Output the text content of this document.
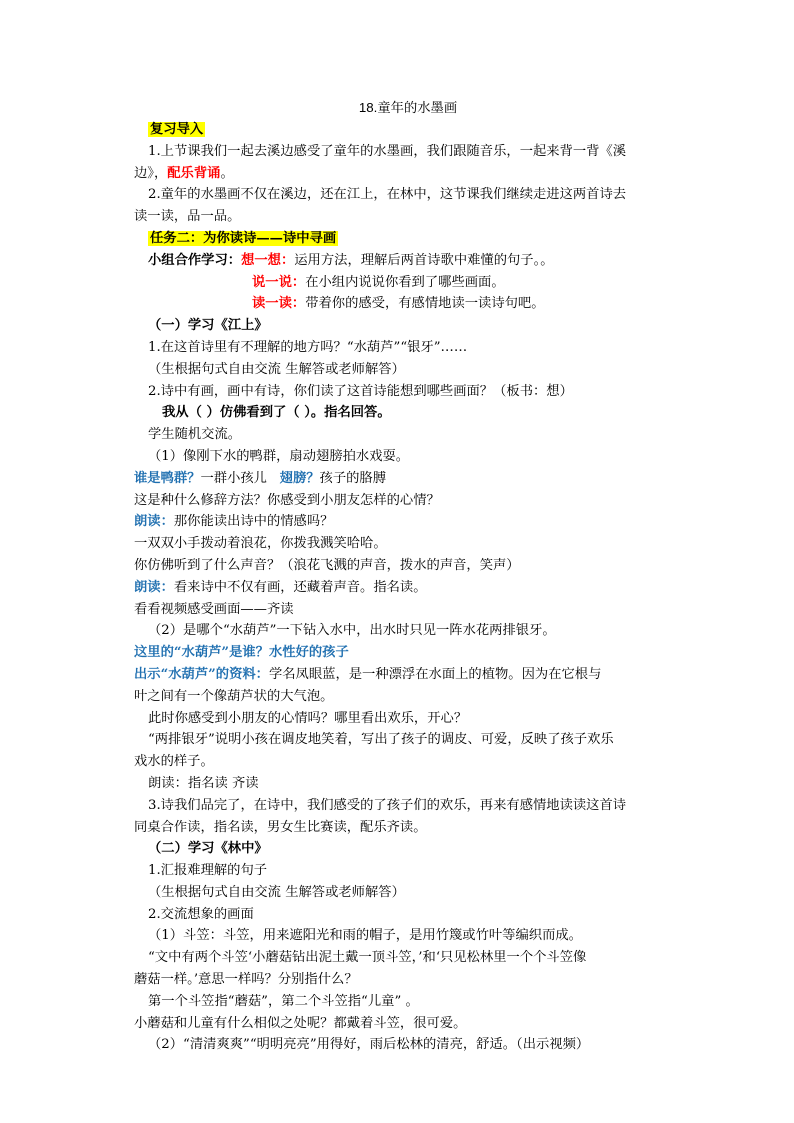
18.童年的水墨画
复习导入
1.上节课我们一起去溪边感受了童年的水墨画，我们跟随音乐，一起来背一背《溪
边》，配乐背诵。
2.童年的水墨画不仅在溪边，还在江上，在林中，这节课我们继续走进这两首诗去
读一读，品一品。
任务二：为你读诗——诗中寻画
小组合作学习：想一想：运用方法，理解后两首诗歌中难懂的句子。。
说一说：在小组内说说你看到了哪些画面。
读一读：带着你的感受，有感情地读一读诗句吧。
（一）学习《江上》
1.在这首诗里有不理解的地方吗？“水葫芦”“银牙”……
（生根据句式自由交流 生解答或老师解答）
2.诗中有画，画中有诗，你们读了这首诗能想到哪些画面？（板书：想）
我从（ ）仿佛看到了（ ）。指名回答。
学生随机交流。
（1）像刚下水的鸭群，扇动翅膀拍水戏耍。
谁是鸭群？一群小孩儿 翅膀？孩子的胳膊
这是种什么修辞方法？你感受到小朋友怎样的心情？
朗读：那你能读出诗中的情感吗？
一双双小手拨动着浪花，你拨我溅笑哈哈。
你仿佛听到了什么声音？（浪花飞溅的声音，拨水的声音，笑声）
朗读：看来诗中不仅有画，还藏着声音。指名读。
看看视频感受画面——齐读
（2）是哪个“水葫芦”一下钻入水中，出水时只见一阵水花两排银牙。
这里的“水葫芦”是谁？水性好的孩子
出示“水葫芦”的资料：学名凤眼蓝，是一种漂浮在水面上的植物。因为在它根与
叶之间有一个像葫芦状的大气泡。
此时你感受到小朋友的心情吗？哪里看出欢乐，开心？
“两排银牙”说明小孩在调皮地笑着，写出了孩子的调皮、可爱，反映了孩子欢乐
戏水的样子。
朗读：指名读 齐读
3.诗我们品完了，在诗中，我们感受的了孩子们的欢乐，再来有感情地读读这首诗
同桌合作读，指名读，男女生比赛读，配乐齐读。
（二）学习《林中》
1.汇报难理解的句子
（生根据句式自由交流 生解答或老师解答）
2.交流想象的画面
（1）斗笠：斗笠，用来遮阳光和雨的帽子，是用竹篾或竹叶等编织而成。
“文中有两个斗笠‘小蘑菇钻出泥土戴一顶斗笠，’和‘只见松林里一个个斗笠像
蘑菇一样。’意思一样吗？分别指什么？
第一个斗笠指“蘑菇”，第二个斗笠指“儿童” 。
小蘑菇和儿童有什么相似之处呢？都戴着斗笠，很可爱。
（2）“清清爽爽”“明明亮亮”用得好，雨后松林的清亮，舒适。（出示视频）
